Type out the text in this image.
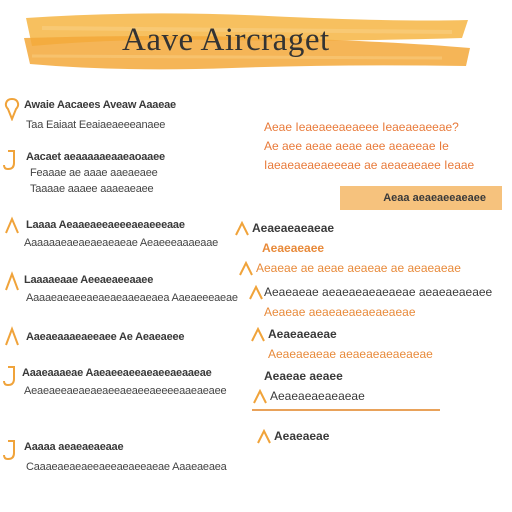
Aave Aircraget
Awaie Aacaees Aveaw Aaaeae
Taa Eaiaat Eeaiaeaeeeanaee
Aacaet aeaaaaaeaaeaoaaee
Feaaae ae aaae aaeaeaee
Taaaae aaaee aaaeaeaee
Laaaa Aeaaeaeeaeeeaeaeeeaae
Aaaaaaeaeaeaeaeaeae Aeaeeeaaaeaae
Laaaaeaae Aeeaeaeeaaee
Aaaaeaeaeeaeaeaeaaeaeaea Aaeaeeeaeae
Aaeaeaaaeaeeaee Ae Aeaeaeee
Aaaeaaaeae Aaeaeeaeeaeaeeaeaaeae
Aeaeaeeaeaeaeaeeaeaeeaeeeeaaeaeaee
Aaaaa aeaeaeaeaae
Caaaeaeaeaeeaeeaeaeeaeae Aaaeaeaea
Aeae Ieaeaeeaeaeee Ieaeaeaeeae?
Ae aee aeae aeae aee aeaeeae Ie
Iaeaeaeaeaeeeae ae aeaeaeaee Ieaae
Aeaa aeaeaeeaeaee
Aeaeaeaeaeae
Aeaeaeaee
Aeaeae ae aeae aeaeae ae aeaeaeae
Aeaeaeae aeaeaeaeaeaeae aeaeaeaeaee
Aeaeae aeaeaeaeaeaeaeae
Aeaeaeaeae
Aeaeaeaeae aeaeaeaeaeaeae
Aeaeae aeaee
Aeaeaeaeaeaeae
Aeaeaeae
